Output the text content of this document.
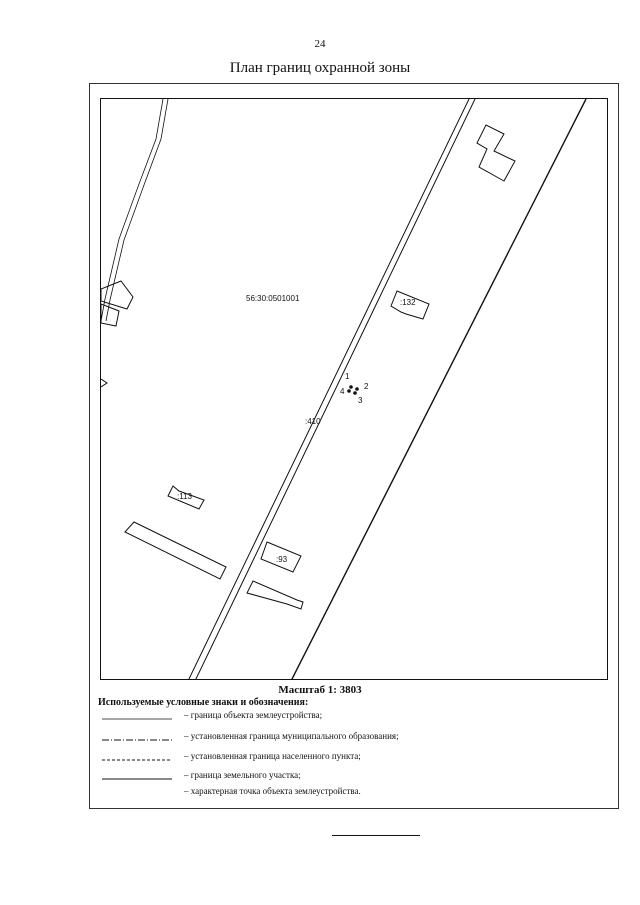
24
План границ охранной зоны
56:30:0501001	:132
:113
:93
:410
1
2
3
4
Масштаб 1: 3803
Используемые условные знаки и обозначения:
– граница объекта землеустройства;
– установленная граница муниципального образования;
– установленная граница населенного пункта;
– граница земельного участка;
– характерная точка объекта землеустройства.
